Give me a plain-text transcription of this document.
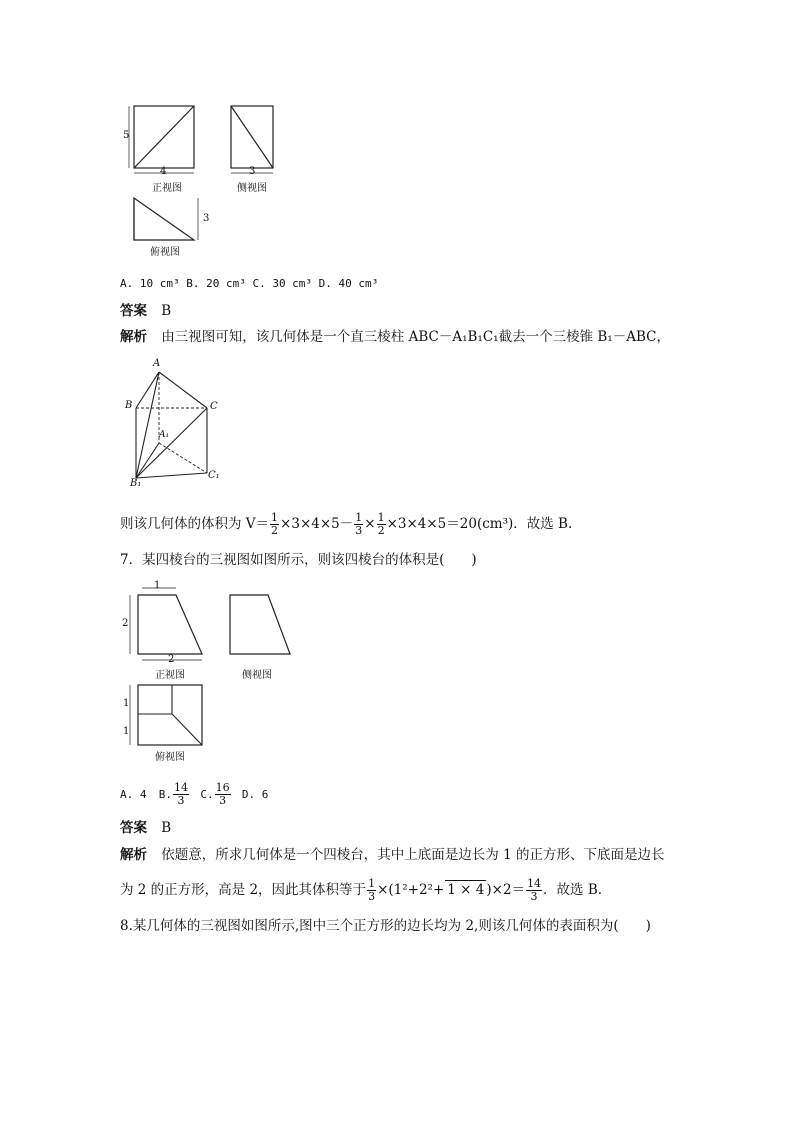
5
4
正视图
3
侧视图
3
俯视图
A. 10 cm³ B. 20 cm³ C. 30 cm³ D. 40 cm³
答案 B
解析 由三视图可知，该几何体是一个直三棱柱 ABC－A₁B₁C₁截去一个三棱锥 B₁－ABC，
A
B	C
A₁
B₁
C₁
则该几何体的体积为 $V= \frac{1}{2} \times 3\times 4\times 5- \frac{1}{3} \times \frac{1}{2} \times 3\times 4\times 5=20(cm^3)$．故选 B.
7．某四棱台的三视图如图所示，则该四棱台的体积是(　　)
1
2
2
正视图	侧视图
1
1
俯视图
A. 4 B. $\frac{14}{3} C$. $\frac{16}{3} D$. 6
答案 B
解析 依题意，所求几何体是一个四棱台，其中上底面是边长为 1 的正方形、下底面是边长
为 2 的正方形，高是 2，因此其体积等于 $\frac{1}{3} \times(1^2+2^2+ 1 \times 4$ )$\times 2= \frac{14}{3}$ ．故选 B.
8.某几何体的三视图如图所示,图中三个正方形的边长均为 2,则该几何体的表面积为(　　)
